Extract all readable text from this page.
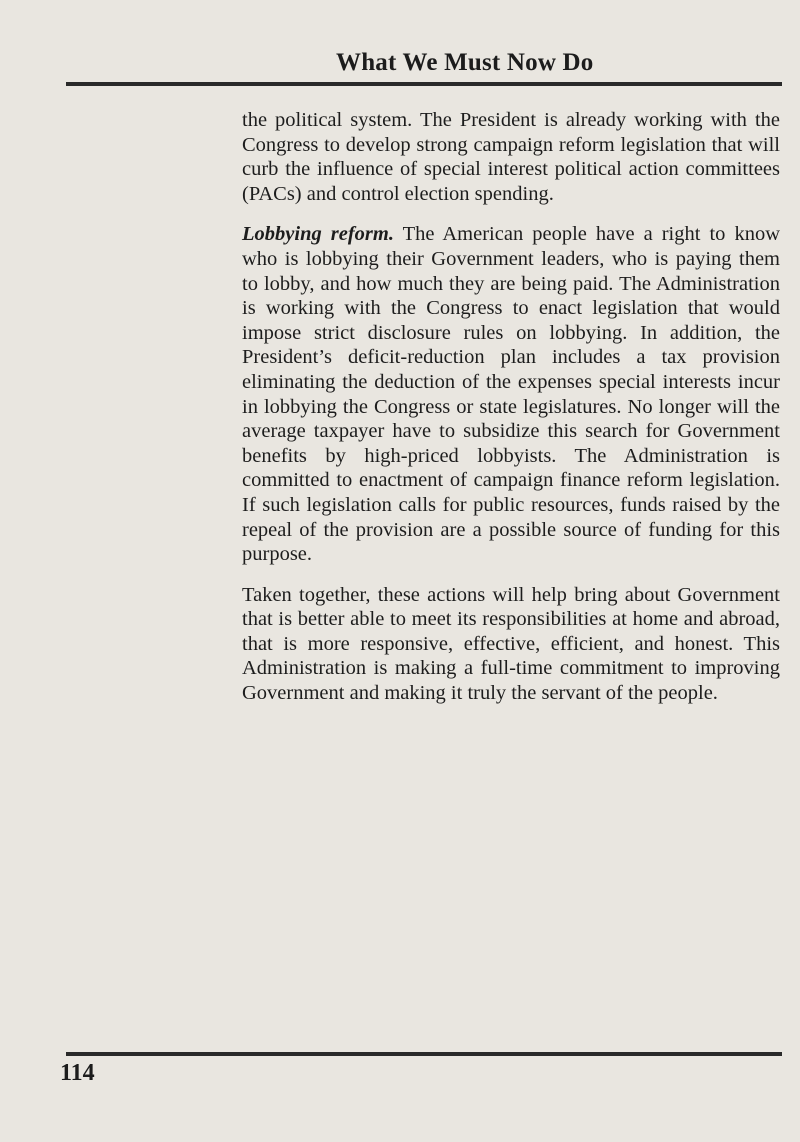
What We Must Now Do

the political system. The President is already working with the Congress to develop strong campaign reform legislation that will curb the influence of special interest political action committees (PACs) and control election spending.

Lobbying reform. The American people have a right to know who is lobbying their Government leaders, who is paying them to lobby, and how much they are being paid. The Administration is working with the Congress to enact legislation that would impose strict disclosure rules on lobbying. In addition, the President’s deficit-reduction plan includes a tax provision eliminating the deduction of the expenses special interests incur in lobbying the Congress or state legislatures. No longer will the average taxpayer have to subsidize this search for Government benefits by high-priced lobbyists. The Administration is committed to enactment of campaign finance reform legislation. If such legislation calls for public resources, funds raised by the repeal of the provision are a possible source of funding for this purpose.

Taken together, these actions will help bring about Government that is better able to meet its responsibilities at home and abroad, that is more responsive, effective, efficient, and honest. This Administration is making a full-time commitment to improving Government and making it truly the servant of the people.

114
